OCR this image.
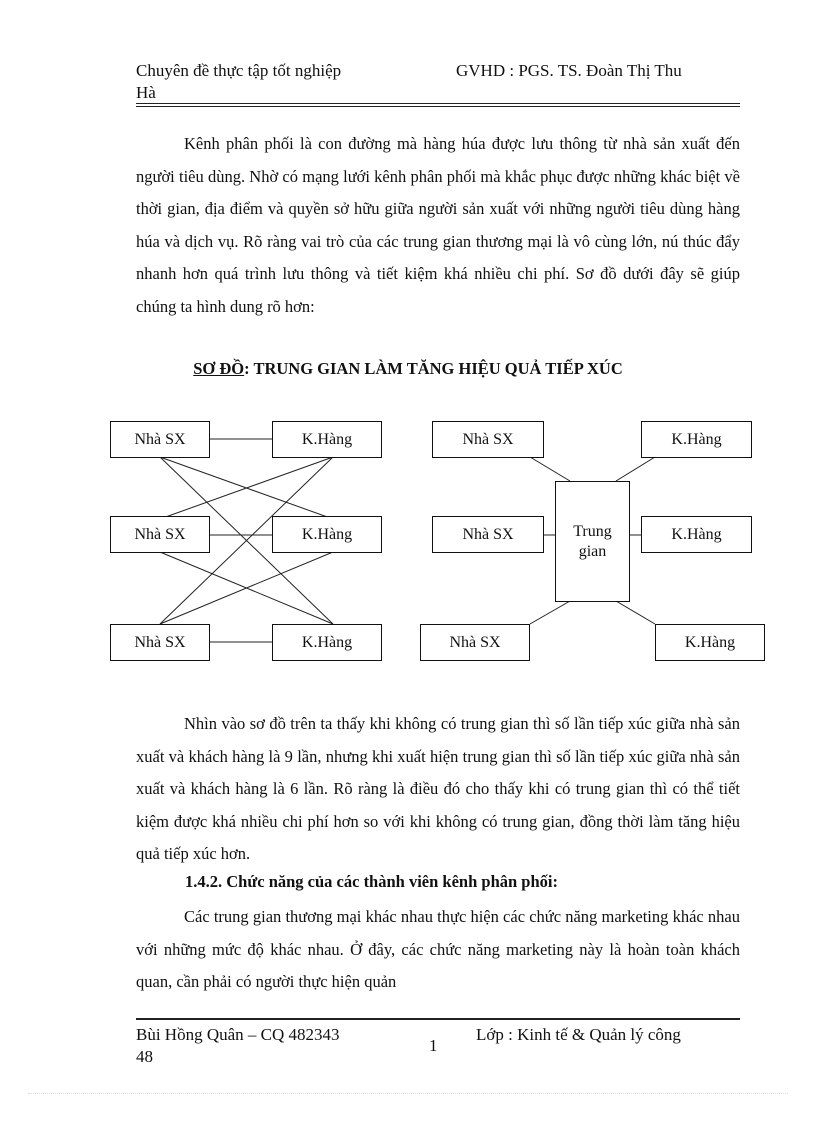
Chuyên đề thực tập tốt nghiệp
Hà
GVHD : PGS. TS. Đoàn Thị Thu
Kênh phân phối là con đường mà hàng húa được lưu thông từ nhà sản xuất đến người tiêu dùng. Nhờ có mạng lưới kênh phân phối mà khắc phục được những khác biệt về thời gian, địa điểm và quyền sở hữu giữa người sản xuất với những người tiêu dùng hàng húa và dịch vụ. Rõ ràng vai trò của các trung gian thương mại là vô cùng lớn, nú thúc đẩy nhanh hơn quá trình lưu thông và tiết kiệm khá nhiều chi phí. Sơ đồ dưới đây sẽ giúp chúng ta hình dung rõ hơn:
SƠ ĐỒ: TRUNG GIAN LÀM TĂNG HIỆU QUẢ TIẾP XÚC
Nhà SX
Nhà SX
Nhà SX
K.Hàng
K.Hàng
K.Hàng
Nhà SX
Nhà SX
Nhà SX
Trung
gian
K.Hàng
K.Hàng
K.Hàng
Nhìn vào sơ đồ trên ta thấy khi không có trung gian thì số lần tiếp xúc giữa nhà sản xuất và khách hàng là 9 lần, nhưng khi xuất hiện trung gian thì số lần tiếp xúc giữa nhà sản xuất và khách hàng là 6 lần. Rõ ràng là điều đó cho thấy khi có trung gian thì có thể tiết kiệm được khá nhiều chi phí hơn so với khi không có trung gian, đồng thời làm tăng hiệu quả tiếp xúc hơn.
1.4.2. Chức năng của các thành viên kênh phân phối:
Các trung gian thương mại khác nhau thực hiện các chức năng marketing khác nhau với những mức độ khác nhau. Ở đây, các chức năng marketing này là hoàn toàn khách quan, cần phải có người thực hiện quản
Bùi Hồng Quân – CQ 482343
48
1
Lớp : Kinh tế & Quản lý công
